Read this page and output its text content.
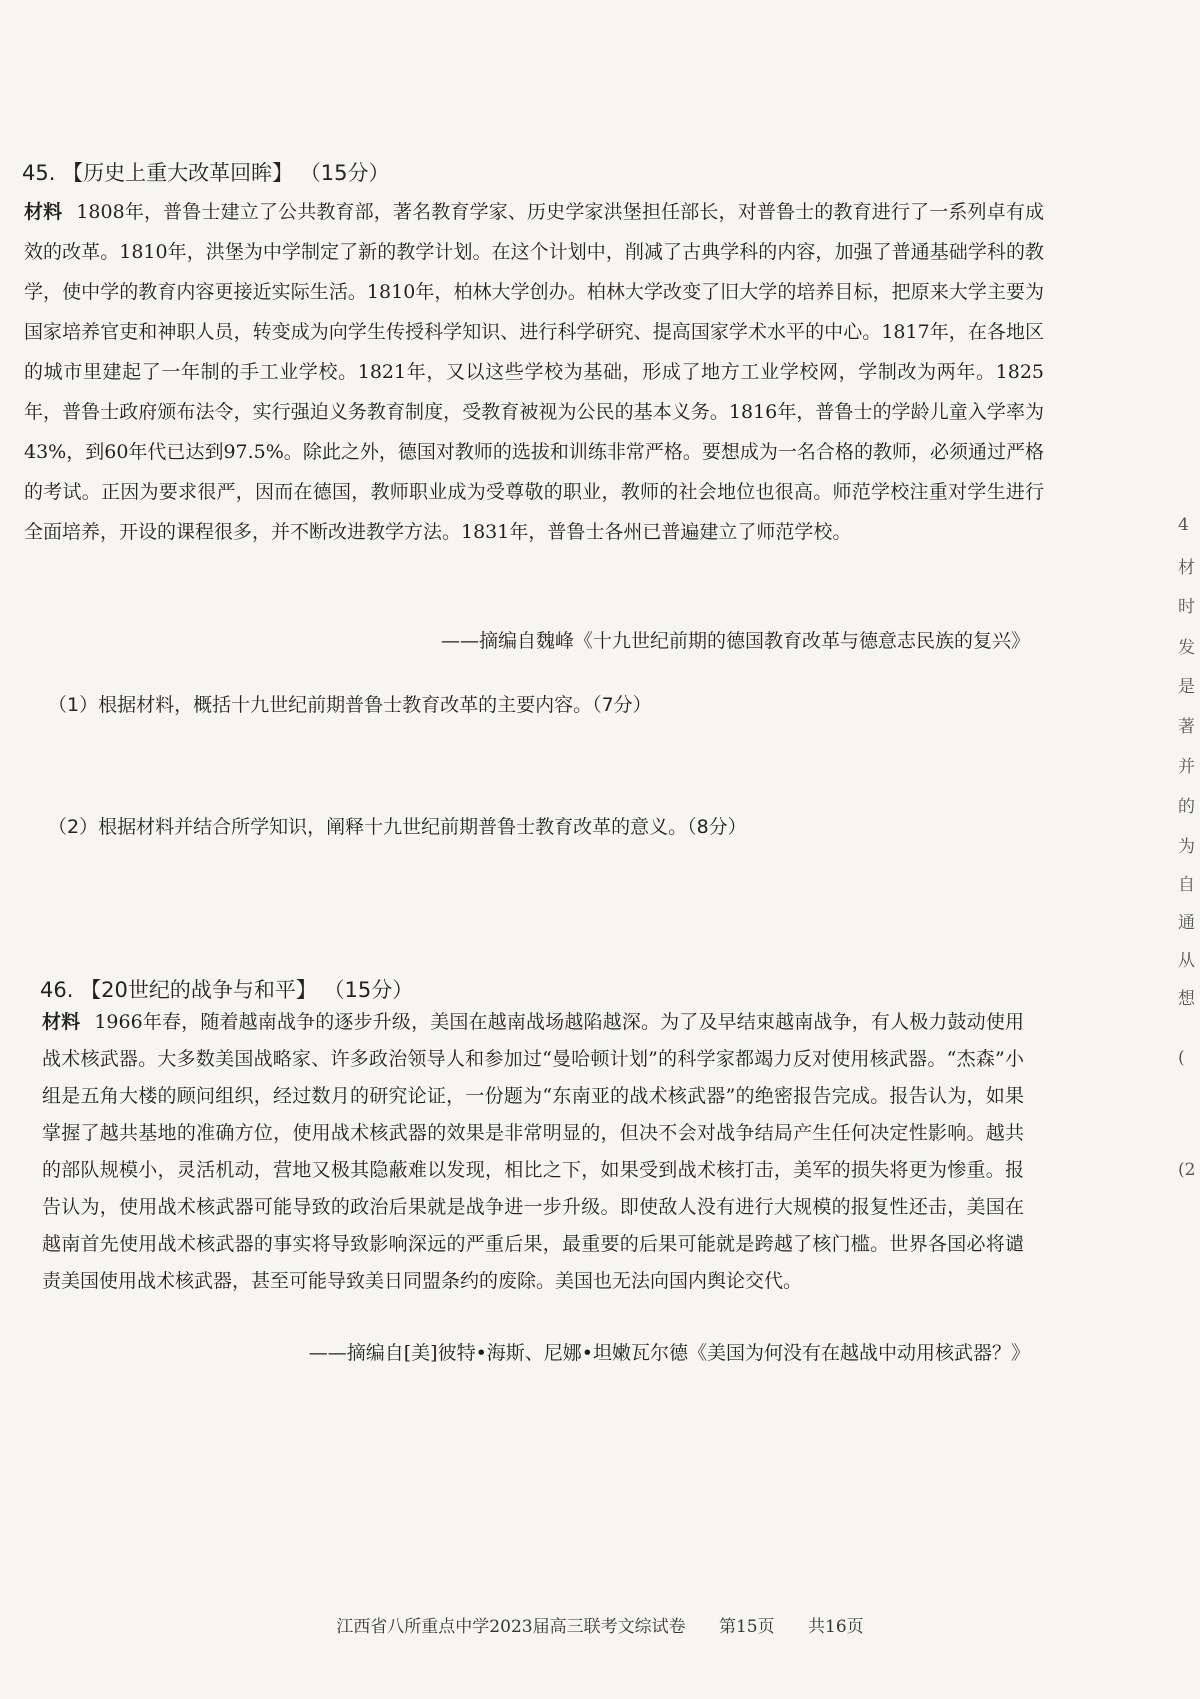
45. 【历史上重大改革回眸】 （15分）
材料 1808年，普鲁士建立了公共教育部，著名教育学家、历史学家洪堡担任部长，对普鲁士的教育进行了一系列卓有成效的改革。1810年，洪堡为中学制定了新的教学计划。在这个计划中，削减了古典学科的内容，加强了普通基础学科的教学，使中学的教育内容更接近实际生活。1810年，柏林大学创办。柏林大学改变了旧大学的培养目标，把原来大学主要为国家培养官吏和神职人员，转变成为向学生传授科学知识、进行科学研究、提高国家学术水平的中心。1817年，在各地区的城市里建起了一年制的手工业学校。1821年，又以这些学校为基础，形成了地方工业学校网，学制改为两年。1825年，普鲁士政府颁布法令，实行强迫义务教育制度，受教育被视为公民的基本义务。1816年，普鲁士的学龄儿童入学率为43%，到60年代已达到97.5%。除此之外，德国对教师的选拔和训练非常严格。要想成为一名合格的教师，必须通过严格的考试。正因为要求很严，因而在德国，教师职业成为受尊敬的职业，教师的社会地位也很高。师范学校注重对学生进行全面培养，开设的课程很多，并不断改进教学方法。1831年，普鲁士各州已普遍建立了师范学校。
——摘编自魏峰《十九世纪前期的德国教育改革与德意志民族的复兴》
（1）根据材料，概括十九世纪前期普鲁士教育改革的主要内容。（7分）
（2）根据材料并结合所学知识，阐释十九世纪前期普鲁士教育改革的意义。（8分）
46. 【20世纪的战争与和平】 （15分）
材料 1966年春，随着越南战争的逐步升级，美国在越南战场越陷越深。为了及早结束越南战争，有人极力鼓动使用战术核武器。大多数美国战略家、许多政治领导人和参加过“曼哈顿计划”的科学家都竭力反对使用核武器。“杰森”小组是五角大楼的顾问组织，经过数月的研究论证，一份题为“东南亚的战术核武器”的绝密报告完成。报告认为，如果掌握了越共基地的准确方位，使用战术核武器的效果是非常明显的，但决不会对战争结局产生任何决定性影响。越共的部队规模小，灵活机动，营地又极其隐蔽难以发现，相比之下，如果受到战术核打击，美军的损失将更为惨重。报告认为，使用战术核武器可能导致的政治后果就是战争进一步升级。即使敌人没有进行大规模的报复性还击，美国在越南首先使用战术核武器的事实将导致影响深远的严重后果，最重要的后果可能就是跨越了核门槛。世界各国必将谴责美国使用战术核武器，甚至可能导致美日同盟条约的废除。美国也无法向国内舆论交代。
——摘编自[美]彼特•海斯、尼娜•坦嫩瓦尔德《美国为何没有在越战中动用核武器？》
江西省八所重点中学2023届高三联考文综试卷 第15页 共16页
4
材
时
发
是
著
并
的
为
自
通
从
想
(
(2
